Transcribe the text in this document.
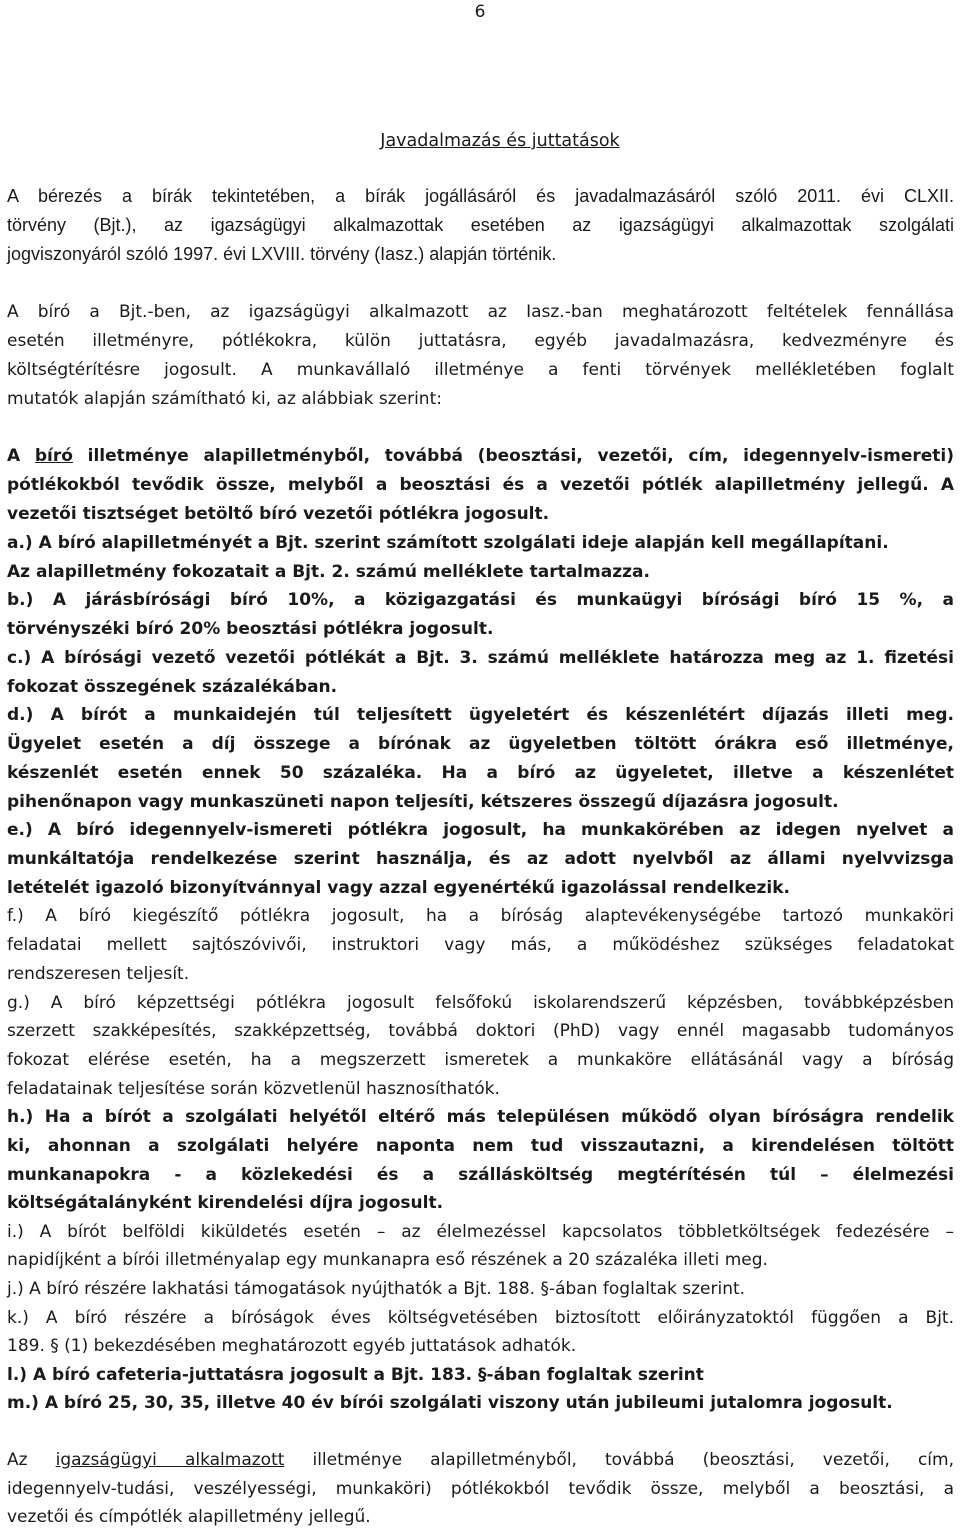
6
Javadalmazás és juttatások
A bérezés a bírák tekintetében, a bírák jogállásáról és javadalmazásáról szóló 2011. évi CLXII.
törvény (Bjt.), az igazságügyi alkalmazottak esetében az igazságügyi alkalmazottak szolgálati
jogviszonyáról szóló 1997. évi LXVIII. törvény (Iasz.) alapján történik.
A bíró a Bjt.-ben, az igazságügyi alkalmazott az Iasz.-ban meghatározott feltételek fennállása
esetén illetményre, pótlékokra, külön juttatásra, egyéb javadalmazásra, kedvezményre és
költségtérítésre jogosult. A munkavállaló illetménye a fenti törvények mellékletében foglalt
mutatók alapján számítható ki, az alábbiak szerint:
A bíró illetménye alapilletményből, továbbá (beosztási, vezetői, cím, idegennyelv-ismereti)
pótlékokból tevődik össze, melyből a beosztási és a vezetői pótlék alapilletmény jellegű. A
vezetői tisztséget betöltő bíró vezetői pótlékra jogosult.
a.) A bíró alapilletményét a Bjt. szerint számított szolgálati ideje alapján kell megállapítani.
Az alapilletmény fokozatait a Bjt. 2. számú melléklete tartalmazza.
b.) A járásbírósági bíró 10%, a közigazgatási és munkaügyi bírósági bíró 15 %, a
törvényszéki bíró 20% beosztási pótlékra jogosult.
c.) A bírósági vezető vezetői pótlékát a Bjt. 3. számú melléklete határozza meg az 1. fizetési
fokozat összegének százalékában.
d.) A bírót a munkaidején túl teljesített ügyeletért és készenlétért díjazás illeti meg.
Ügyelet esetén a díj összege a bírónak az ügyeletben töltött órákra eső illetménye,
készenlét esetén ennek 50 százaléka. Ha a bíró az ügyeletet, illetve a készenlétet
pihenőnapon vagy munkaszüneti napon teljesíti, kétszeres összegű díjazásra jogosult.
e.) A bíró idegennyelv-ismereti pótlékra jogosult, ha munkakörében az idegen nyelvet a
munkáltatója rendelkezése szerint használja, és az adott nyelvből az állami nyelvvizsga
letételét igazoló bizonyítvánnyal vagy azzal egyenértékű igazolással rendelkezik.
f.) A bíró kiegészítő pótlékra jogosult, ha a bíróság alaptevékenységébe tartozó munkaköri
feladatai mellett sajtószóvivői, instruktori vagy más, a működéshez szükséges feladatokat
rendszeresen teljesít.
g.) A bíró képzettségi pótlékra jogosult felsőfokú iskolarendszerű képzésben, továbbképzésben
szerzett szakképesítés, szakképzettség, továbbá doktori (PhD) vagy ennél magasabb tudományos
fokozat elérése esetén, ha a megszerzett ismeretek a munkaköre ellátásánál vagy a bíróság
feladatainak teljesítése során közvetlenül hasznosíthatók.
h.) Ha a bírót a szolgálati helyétől eltérő más településen működő olyan bíróságra rendelik
ki, ahonnan a szolgálati helyére naponta nem tud visszautazni, a kirendelésen töltött
munkanapokra - a közlekedési és a szállásköltség megtérítésén túl – élelmezési
költségátalányként kirendelési díjra jogosult.
i.) A bírót belföldi kiküldetés esetén – az élelmezéssel kapcsolatos többletköltségek fedezésére –
napidíjként a bírói illetményalap egy munkanapra eső részének a 20 százaléka illeti meg.
j.) A bíró részére lakhatási támogatások nyújthatók a Bjt. 188. §-ában foglaltak szerint.
k.) A bíró részére a bíróságok éves költségvetésében biztosított előirányzatoktól függően a Bjt.
189. § (1) bekezdésében meghatározott egyéb juttatások adhatók.
l.) A bíró cafeteria-juttatásra jogosult a Bjt. 183. §-ában foglaltak szerint
m.) A bíró 25, 30, 35, illetve 40 év bírói szolgálati viszony után jubileumi jutalomra jogosult.
Az igazságügyi alkalmazott illetménye alapilletményből, továbbá (beosztási, vezetői, cím,
idegennyelv-tudási, veszélyességi, munkaköri) pótlékokból tevődik össze, melyből a beosztási, a
vezetői és címpótlék alapilletmény jellegű.
